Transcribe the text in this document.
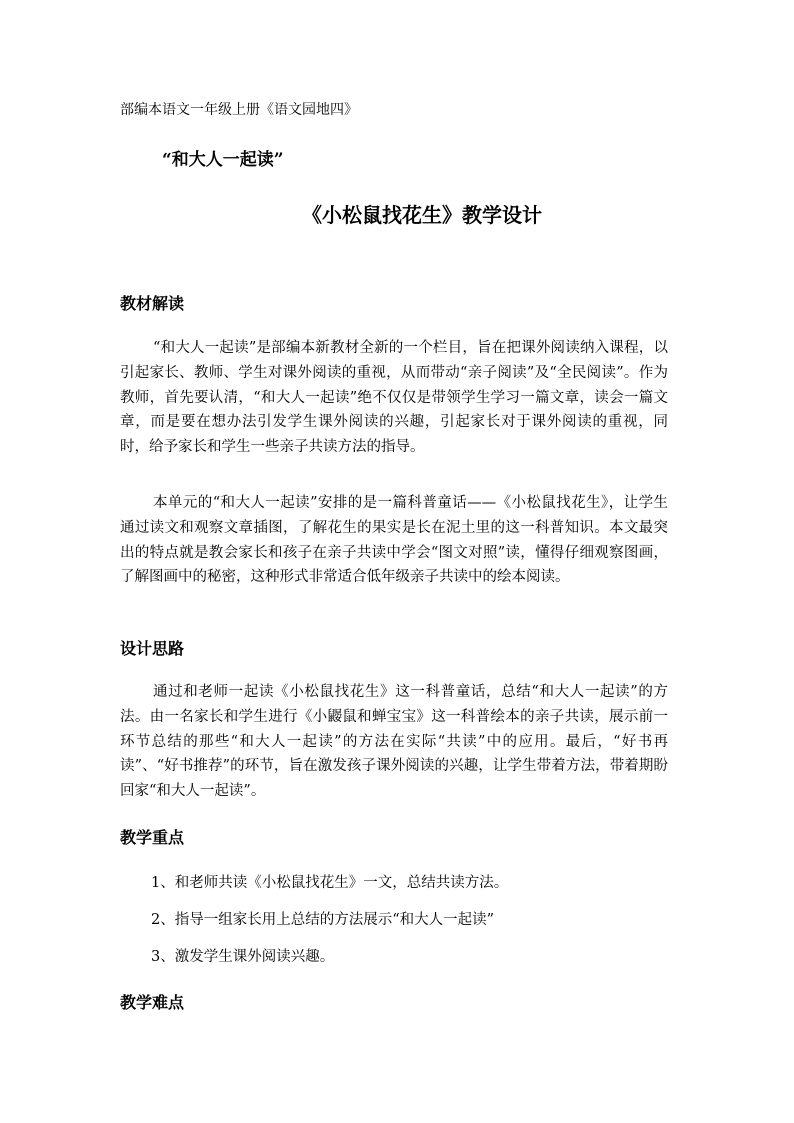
部编本语文一年级上册《语文园地四》
“和大人一起读”
《小松鼠找花生》教学设计
教材解读

“和大人一起读”是部编本新教材全新的一个栏目，旨在把课外阅读纳入课程，以引起家长、教师、学生对课外阅读的重视，从而带动“亲子阅读”及“全民阅读”。作为教师，首先要认清，“和大人一起读”绝不仅仅是带领学生学习一篇文章，读会一篇文章，而是要在想办法引发学生课外阅读的兴趣，引起家长对于课外阅读的重视，同时，给予家长和学生一些亲子共读方法的指导。

本单元的“和大人一起读”安排的是一篇科普童话——《小松鼠找花生》，让学生通过读文和观察文章插图，了解花生的果实是长在泥土里的这一科普知识。本文最突出的特点就是教会家长和孩子在亲子共读中学会“图文对照”读，懂得仔细观察图画，了解图画中的秘密，这种形式非常适合低年级亲子共读中的绘本阅读。

设计思路

通过和老师一起读《小松鼠找花生》这一科普童话，总结“和大人一起读”的方法。由一名家长和学生进行《小鼹鼠和蝉宝宝》这一科普绘本的亲子共读，展示前一环节总结的那些“和大人一起读”的方法在实际“共读”中的应用。最后，“好书再读”、“好书推荐”的环节，旨在激发孩子课外阅读的兴趣，让学生带着方法，带着期盼回家“和大人一起读”。

教学重点
1、和老师共读《小松鼠找花生》一文，总结共读方法。
2、指导一组家长用上总结的方法展示“和大人一起读”
3、激发学生课外阅读兴趣。
教学难点
